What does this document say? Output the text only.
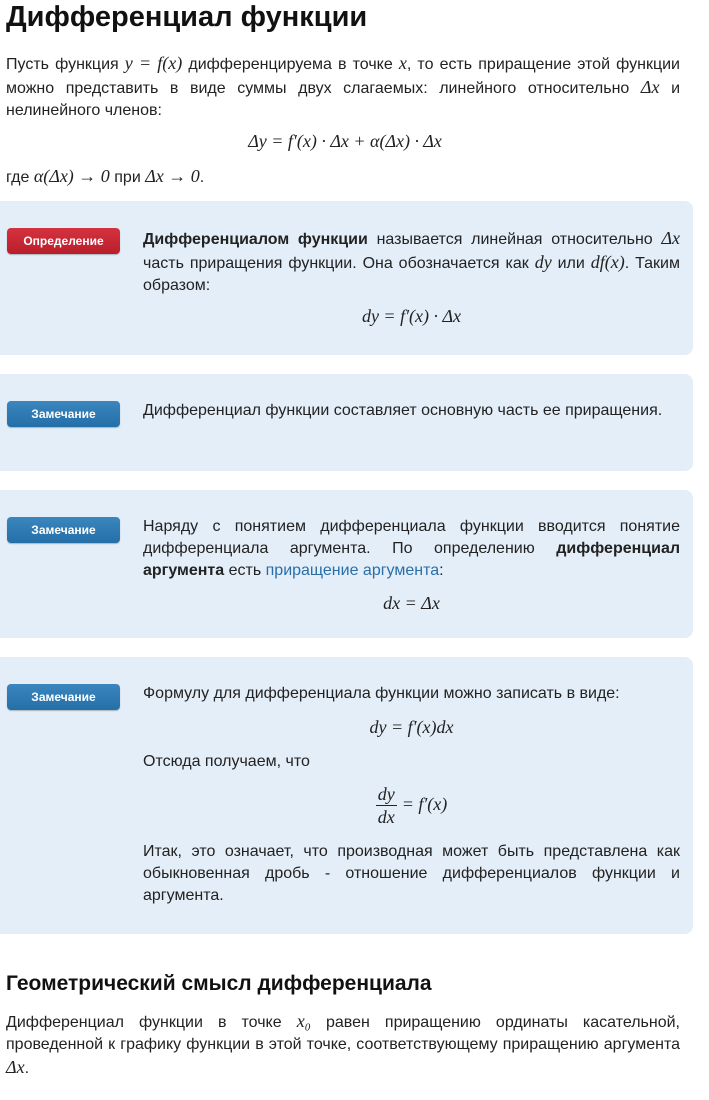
Дифференциал функции

Пусть функция y = f(x) дифференцируема в точке x, то есть приращение этой функции можно представить в виде суммы двух слагаемых: линейного относительно Δx и нелинейного членов:

Δy = f′(x) · Δx + α(Δx) · Δx

где α(Δx) → 0 при Δx → 0.

Определение	Дифференциалом функции называется линейная относительно Δx часть приращения функции. Она обозначается как dy или df(x). Таким образом:

dy = f′(x) · Δx
Замечание	Дифференциал функции составляет основную часть ее приращения.

Замечание	Наряду с понятием дифференциала функции вводится понятие дифференциала аргумента. По определению дифференциал аргумента есть приращение аргумента:

dx = Δx
Замечание	Формулу для дифференциала функции можно записать в виде:

dy = f′(x)dx

Отсюда получаем, что

$\frac{dy}{dx} = f'(x)$

Итак, это означает, что производная может быть представлена как обыкновенная дробь - отношение дифференциалов функции и аргумента.

Геометрический смысл дифференциала

Дифференциал функции в точке x₀ равен приращению ординаты касательной, проведенной к графику функции в этой точке, соответствующему приращению аргумента Δx.
